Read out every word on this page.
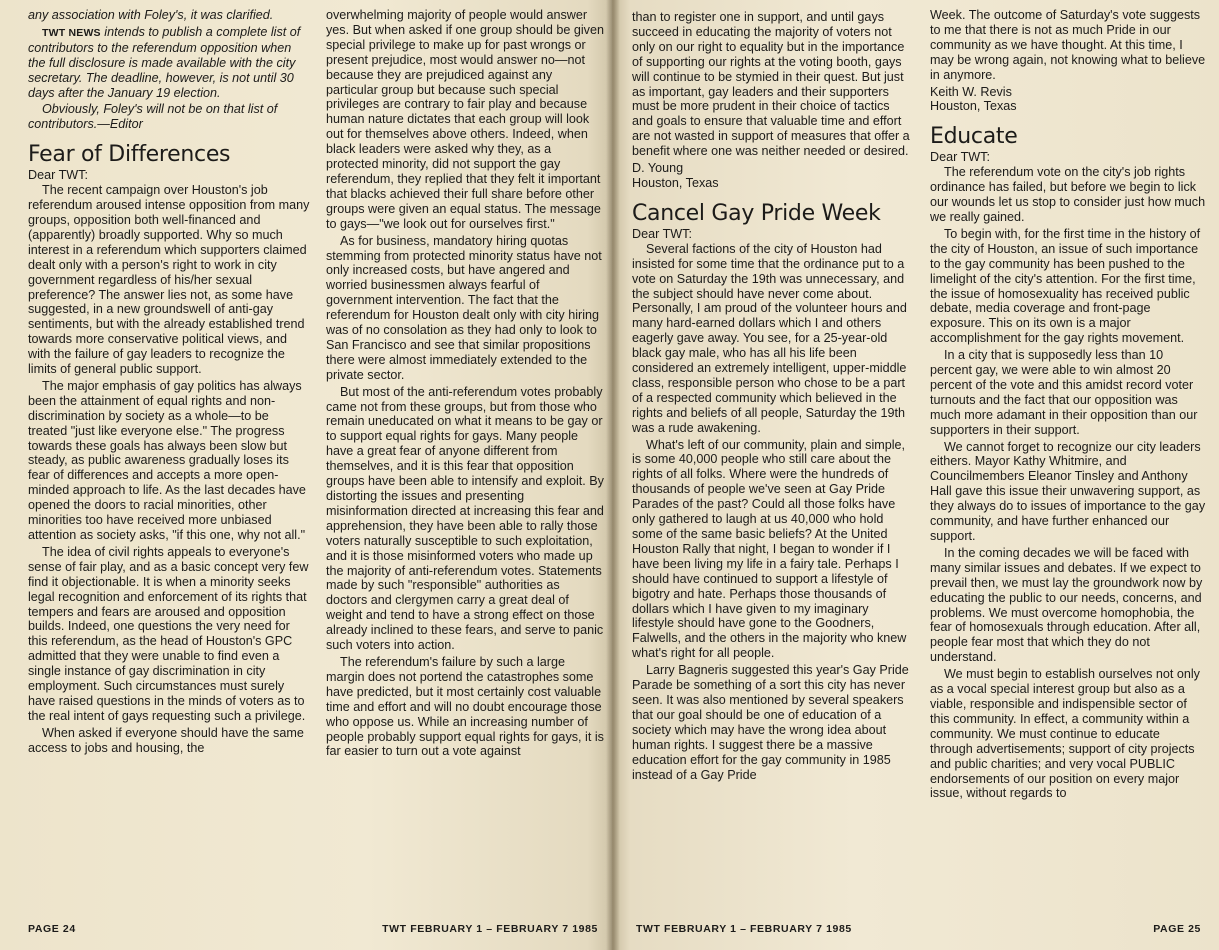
any association with Foley's, it was clarified.

TWT NEWS intends to publish a complete list of contributors to the referendum opposition when the full disclosure is made available with the city secretary. The deadline, however, is not until 30 days after the January 19 election.

Obviously, Foley's will not be on that list of contributors.—Editor

Fear of Differences

Dear TWT:

The recent campaign over Houston's job referendum aroused intense opposition from many groups, opposition both well-financed and (apparently) broadly supported. Why so much interest in a referendum which supporters claimed dealt only with a person's right to work in city government regardless of his/her sexual preference? The answer lies not, as some have suggested, in a new groundswell of anti-gay sentiments, but with the already established trend towards more conservative political views, and with the failure of gay leaders to recognize the limits of general public support.

The major emphasis of gay politics has always been the attainment of equal rights and non-discrimination by society as a whole—to be treated "just like everyone else." The progress towards these goals has always been slow but steady, as public awareness gradually loses its fear of differences and accepts a more open-minded approach to life. As the last decades have opened the doors to racial minorities, other minorities too have received more unbiased attention as society asks, "if this one, why not all."

The idea of civil rights appeals to everyone's sense of fair play, and as a basic concept very few find it objectionable. It is when a minority seeks legal recognition and enforcement of its rights that tempers and fears are aroused and opposition builds. Indeed, one questions the very need for this referendum, as the head of Houston's GPC admitted that they were unable to find even a single instance of gay discrimination in city employment. Such circumstances must surely have raised questions in the minds of voters as to the real intent of gays requesting such a privilege.

When asked if everyone should have the same access to jobs and housing, the

overwhelming majority of people would answer yes. But when asked if one group should be given special privilege to make up for past wrongs or present prejudice, most would answer no—not because they are prejudiced against any particular group but because such special privileges are contrary to fair play and because human nature dictates that each group will look out for themselves above others. Indeed, when black leaders were asked why they, as a protected minority, did not support the gay referendum, they replied that they felt it important that blacks achieved their full share before other groups were given an equal status. The message to gays—"we look out for ourselves first."

As for business, mandatory hiring quotas stemming from protected minority status have not only increased costs, but have angered and worried businessmen always fearful of government intervention. The fact that the referendum for Houston dealt only with city hiring was of no consolation as they had only to look to San Francisco and see that similar propositions there were almost immediately extended to the private sector.

But most of the anti-referendum votes probably came not from these groups, but from those who remain uneducated on what it means to be gay or to support equal rights for gays. Many people have a great fear of anyone different from themselves, and it is this fear that opposition groups have been able to intensify and exploit. By distorting the issues and presenting misinformation directed at increasing this fear and apprehension, they have been able to rally those voters naturally susceptible to such exploitation, and it is those misinformed voters who made up the majority of anti-referendum votes. Statements made by such "responsible" authorities as doctors and clergymen carry a great deal of weight and tend to have a strong effect on those already inclined to these fears, and serve to panic such voters into action.

The referendum's failure by such a large margin does not portend the catastrophes some have predicted, but it most certainly cost valuable time and effort and will no doubt encourage those who oppose us. While an increasing number of people probably support equal rights for gays, it is far easier to turn out a vote against

PAGE 24	TWT FEBRUARY 1 – FEBRUARY 7 1985

than to register one in support, and until gays succeed in educating the majority of voters not only on our right to equality but in the importance of supporting our rights at the voting booth, gays will continue to be stymied in their quest. But just as important, gay leaders and their supporters must be more prudent in their choice of tactics and goals to ensure that valuable time and effort are not wasted in support of measures that offer a benefit where one was neither needed or desired.

D. Young

Houston, Texas

Cancel Gay Pride Week

Dear TWT:

Several factions of the city of Houston had insisted for some time that the ordinance put to a vote on Saturday the 19th was unnecessary, and the subject should have never come about. Personally, I am proud of the volunteer hours and many hard-earned dollars which I and others eagerly gave away. You see, for a 25-year-old black gay male, who has all his life been considered an extremely intelligent, upper-middle class, responsible person who chose to be a part of a respected community which believed in the rights and beliefs of all people, Saturday the 19th was a rude awakening.

What's left of our community, plain and simple, is some 40,000 people who still care about the rights of all folks. Where were the hundreds of thousands of people we've seen at Gay Pride Parades of the past? Could all those folks have only gathered to laugh at us 40,000 who hold some of the same basic beliefs? At the United Houston Rally that night, I began to wonder if I have been living my life in a fairy tale. Perhaps I should have continued to support a lifestyle of bigotry and hate. Perhaps those thousands of dollars which I have given to my imaginary lifestyle should have gone to the Goodners, Falwells, and the others in the majority who knew what's right for all people.

Larry Bagneris suggested this year's Gay Pride Parade be something of a sort this city has never seen. It was also mentioned by several speakers that our goal should be one of education of a society which may have the wrong idea about human rights. I suggest there be a massive education effort for the gay community in 1985 instead of a Gay Pride

Week. The outcome of Saturday's vote suggests to me that there is not as much Pride in our community as we have thought. At this time, I may be wrong again, not knowing what to believe in anymore.

Keith W. Revis

Houston, Texas

Educate

Dear TWT:

The referendum vote on the city's job rights ordinance has failed, but before we begin to lick our wounds let us stop to consider just how much we really gained.

To begin with, for the first time in the history of the city of Houston, an issue of such importance to the gay community has been pushed to the limelight of the city's attention. For the first time, the issue of homosexuality has received public debate, media coverage and front-page exposure. This on its own is a major accomplishment for the gay rights movement.

In a city that is supposedly less than 10 percent gay, we were able to win almost 20 percent of the vote and this amidst record voter turnouts and the fact that our opposition was much more adamant in their opposition than our supporters in their support.

We cannot forget to recognize our city leaders eithers. Mayor Kathy Whitmire, and Councilmembers Eleanor Tinsley and Anthony Hall gave this issue their unwavering support, as they always do to issues of importance to the gay community, and have further enhanced our support.

In the coming decades we will be faced with many similar issues and debates. If we expect to prevail then, we must lay the groundwork now by educating the public to our needs, concerns, and problems. We must overcome homophobia, the fear of homosexuals through education. After all, people fear most that which they do not understand.

We must begin to establish ourselves not only as a vocal special interest group but also as a viable, responsible and indispensible sector of this community. In effect, a community within a community. We must continue to educate through advertisements; support of city projects and public charities; and very vocal PUBLIC endorsements of our position on every major issue, without regards to

TWT FEBRUARY 1 – FEBRUARY 7 1985	PAGE 25
